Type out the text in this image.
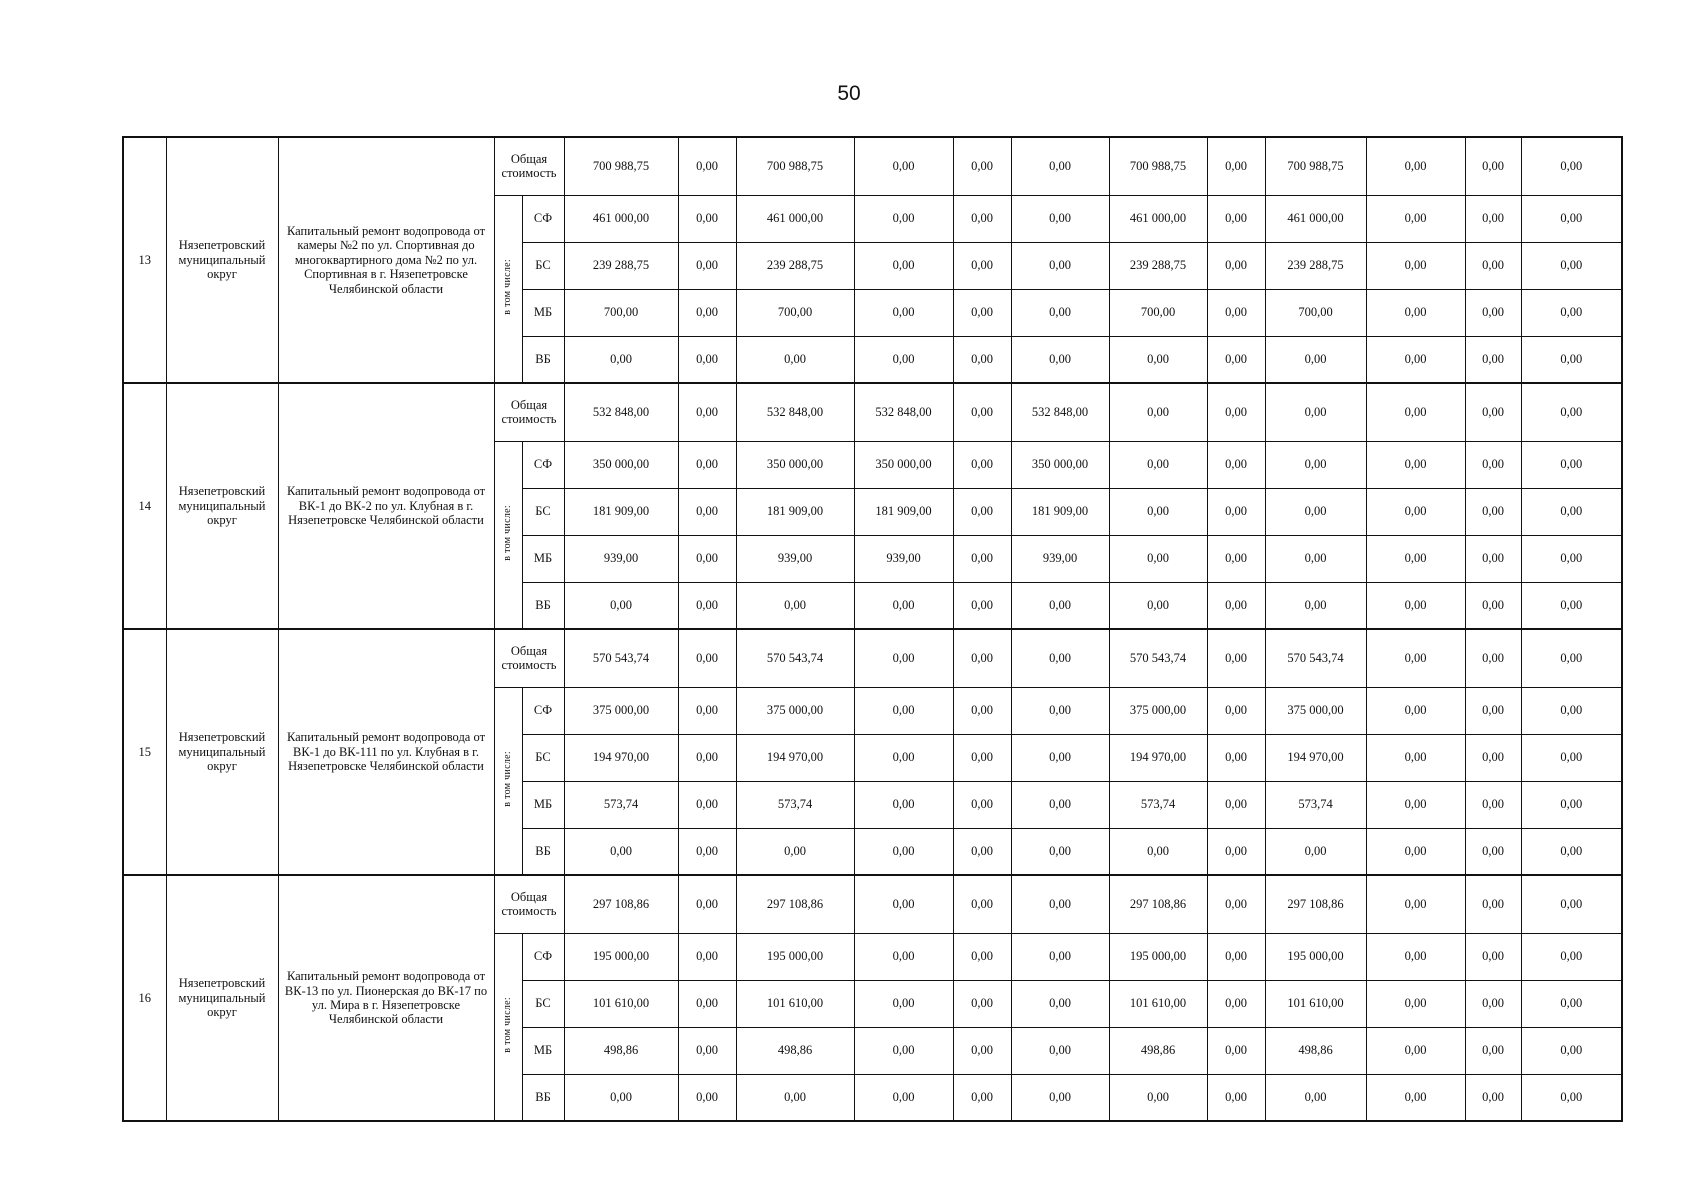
50
13	Нязепетровский муниципальный округ	Капитальный ремонт водопровода от камеры №2 по ул. Спортивная до многоквартирного дома №2 по ул. Спортивная в г. Нязепетровске Челябинской области	Общая стоимость		700 988,75	0,00	700 988,75	0,00	0,00	0,00	700 988,75	0,00	700 988,75	0,00	0,00	0,00
			в том числе:	СФ	461 000,00	0,00	461 000,00	0,00	0,00	0,00	461 000,00	0,00	461 000,00	0,00	0,00	0,00
				БС	239 288,75	0,00	239 288,75	0,00	0,00	0,00	239 288,75	0,00	239 288,75	0,00	0,00	0,00
				МБ	700,00	0,00	700,00	0,00	0,00	0,00	700,00	0,00	700,00	0,00	0,00	0,00
				ВБ	0,00	0,00	0,00	0,00	0,00	0,00	0,00	0,00	0,00	0,00	0,00	0,00
14	Нязепетровский муниципальный округ	Капитальный ремонт водопровода от ВК-1 до ВК-2 по ул. Клубная в г. Нязепетровске Челябинской области	Общая стоимость		532 848,00	0,00	532 848,00	532 848,00	0,00	532 848,00	0,00	0,00	0,00	0,00	0,00	0,00
			в том числе:	СФ	350 000,00	0,00	350 000,00	350 000,00	0,00	350 000,00	0,00	0,00	0,00	0,00	0,00	0,00
				БС	181 909,00	0,00	181 909,00	181 909,00	0,00	181 909,00	0,00	0,00	0,00	0,00	0,00	0,00
				МБ	939,00	0,00	939,00	939,00	0,00	939,00	0,00	0,00	0,00	0,00	0,00	0,00
				ВБ	0,00	0,00	0,00	0,00	0,00	0,00	0,00	0,00	0,00	0,00	0,00	0,00
15	Нязепетровский муниципальный округ	Капитальный ремонт водопровода от ВК-1 до ВК-111 по ул. Клубная в г. Нязепетровске Челябинской области	Общая стоимость		570 543,74	0,00	570 543,74	0,00	0,00	0,00	570 543,74	0,00	570 543,74	0,00	0,00	0,00
			в том числе:	СФ	375 000,00	0,00	375 000,00	0,00	0,00	0,00	375 000,00	0,00	375 000,00	0,00	0,00	0,00
				БС	194 970,00	0,00	194 970,00	0,00	0,00	0,00	194 970,00	0,00	194 970,00	0,00	0,00	0,00
				МБ	573,74	0,00	573,74	0,00	0,00	0,00	573,74	0,00	573,74	0,00	0,00	0,00
				ВБ	0,00	0,00	0,00	0,00	0,00	0,00	0,00	0,00	0,00	0,00	0,00	0,00
16	Нязепетровский муниципальный округ	Капитальный ремонт водопровода от ВК-13 по ул. Пионерская до ВК-17 по ул. Мира в г. Нязепетровске Челябинской области	Общая стоимость		297 108,86	0,00	297 108,86	0,00	0,00	0,00	297 108,86	0,00	297 108,86	0,00	0,00	0,00
			в том числе:	СФ	195 000,00	0,00	195 000,00	0,00	0,00	0,00	195 000,00	0,00	195 000,00	0,00	0,00	0,00
				БС	101 610,00	0,00	101 610,00	0,00	0,00	0,00	101 610,00	0,00	101 610,00	0,00	0,00	0,00
				МБ	498,86	0,00	498,86	0,00	0,00	0,00	498,86	0,00	498,86	0,00	0,00	0,00
				ВБ	0,00	0,00	0,00	0,00	0,00	0,00	0,00	0,00	0,00	0,00	0,00	0,00
